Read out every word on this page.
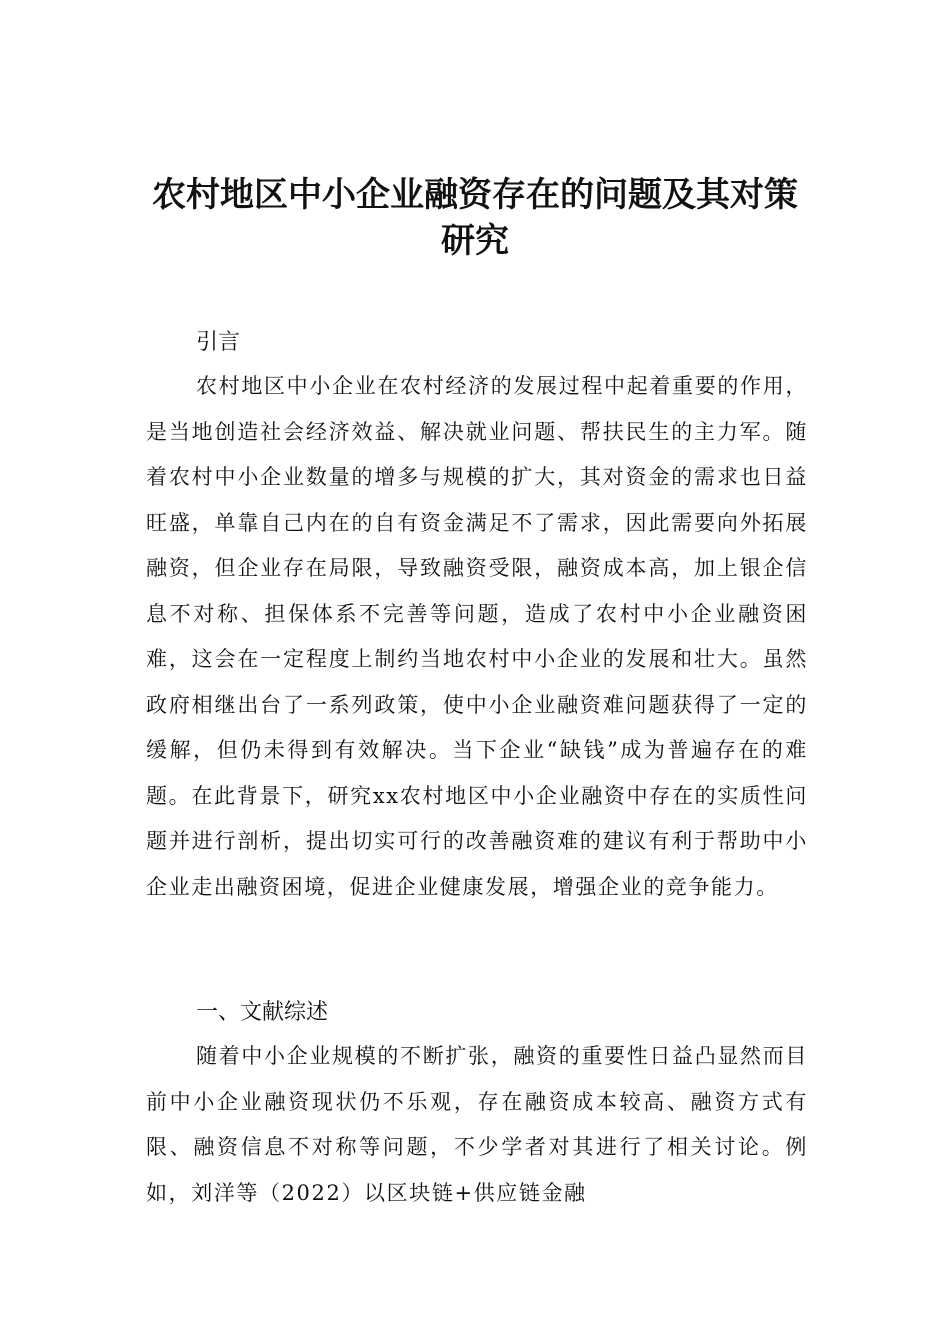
农村地区中小企业融资存在的问题及其对策研究

引言

农村地区中小企业在农村经济的发展过程中起着重要的作用，是当地创造社会经济效益、解决就业问题、帮扶民生的主力军。随着农村中小企业数量的增多与规模的扩大，其对资金的需求也日益旺盛，单靠自己内在的自有资金满足不了需求，因此需要向外拓展融资，但企业存在局限，导致融资受限，融资成本高，加上银企信息不对称、担保体系不完善等问题，造成了农村中小企业融资困难，这会在一定程度上制约当地农村中小企业的发展和壮大。虽然政府相继出台了一系列政策，使中小企业融资难问题获得了一定的缓解，但仍未得到有效解决。当下企业“缺钱”成为普遍存在的难题。在此背景下，研究xx农村地区中小企业融资中存在的实质性问题并进行剖析，提出切实可行的改善融资难的建议有利于帮助中小企业走出融资困境，促进企业健康发展，增强企业的竞争能力。

一、文献综述

随着中小企业规模的不断扩张，融资的重要性日益凸显然而目前中小企业融资现状仍不乐观，存在融资成本较高、融资方式有限、融资信息不对称等问题，不少学者对其进行了相关讨论。例如，刘洋等（2022）以区块链+供应链金融
